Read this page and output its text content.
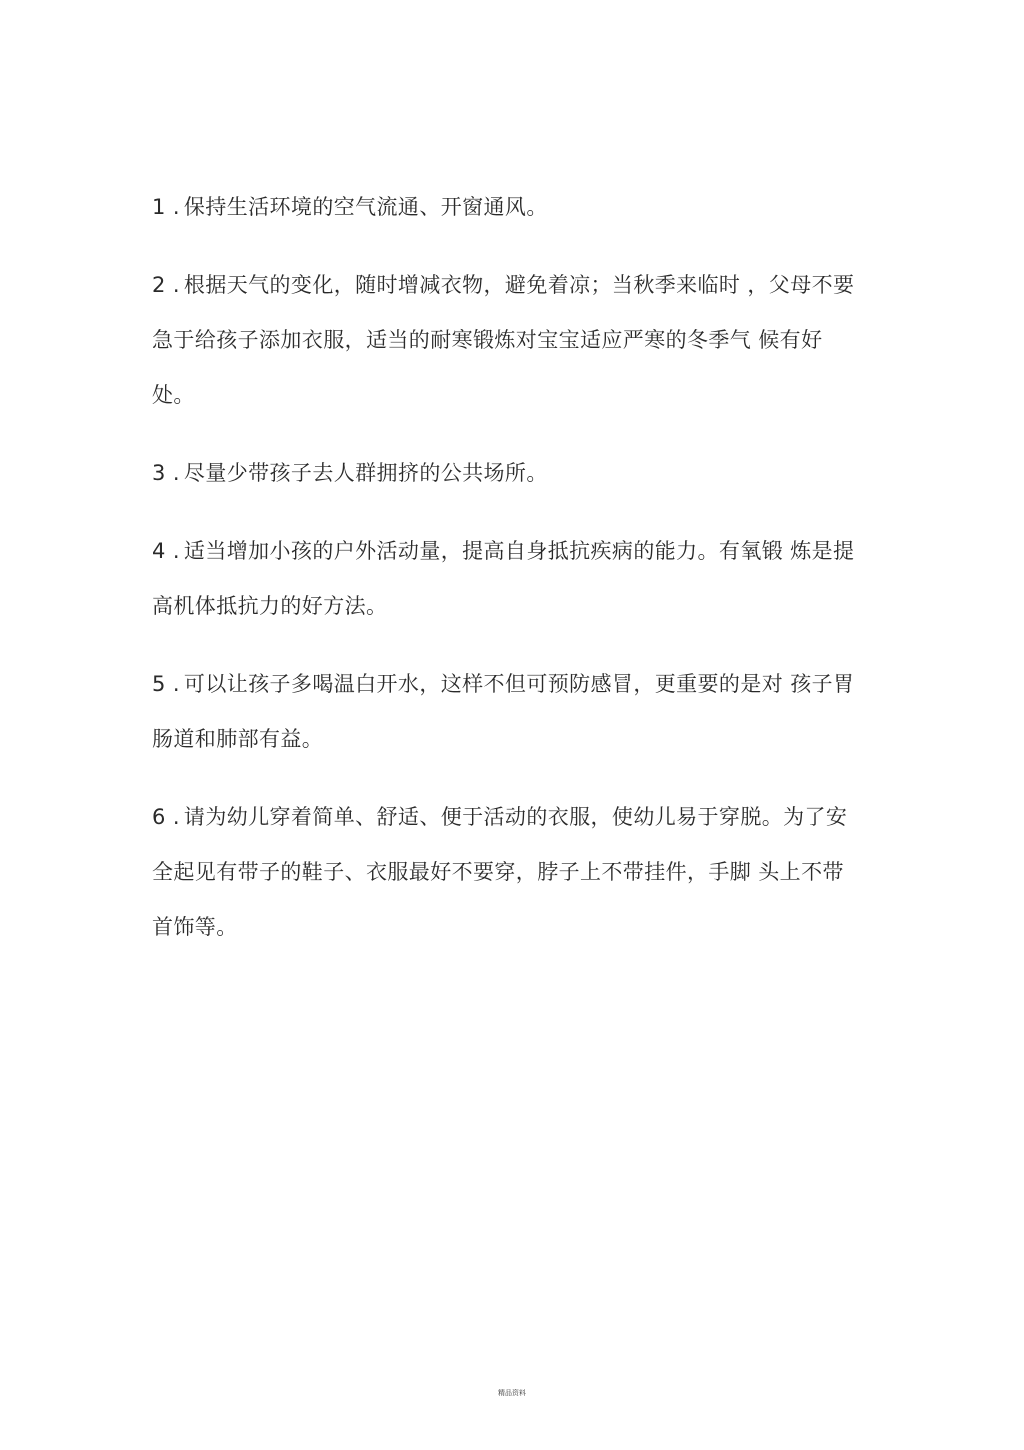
1 . 保持生活环境的空气流通、开窗通风。

2 . 根据天气的变化，随时增减衣物，避免着凉；当秋季来临时 ，父母不要急于给孩子添加衣服，适当的耐寒锻炼对宝宝适应严寒的冬季气 候有好处。

3 . 尽量少带孩子去人群拥挤的公共场所。

4 . 适当增加小孩的户外活动量，提高自身抵抗疾病的能力。有氧锻 炼是提高机体抵抗力的好方法。

5 . 可以让孩子多喝温白开水，这样不但可预防感冒，更重要的是对 孩子胃肠道和肺部有益。

6 . 请为幼儿穿着简单、舒适、便于活动的衣服，使幼儿易于穿脱。为了安全起见有带子的鞋子、衣服最好不要穿，脖子上不带挂件，手脚 头上不带首饰等。

精品资料
